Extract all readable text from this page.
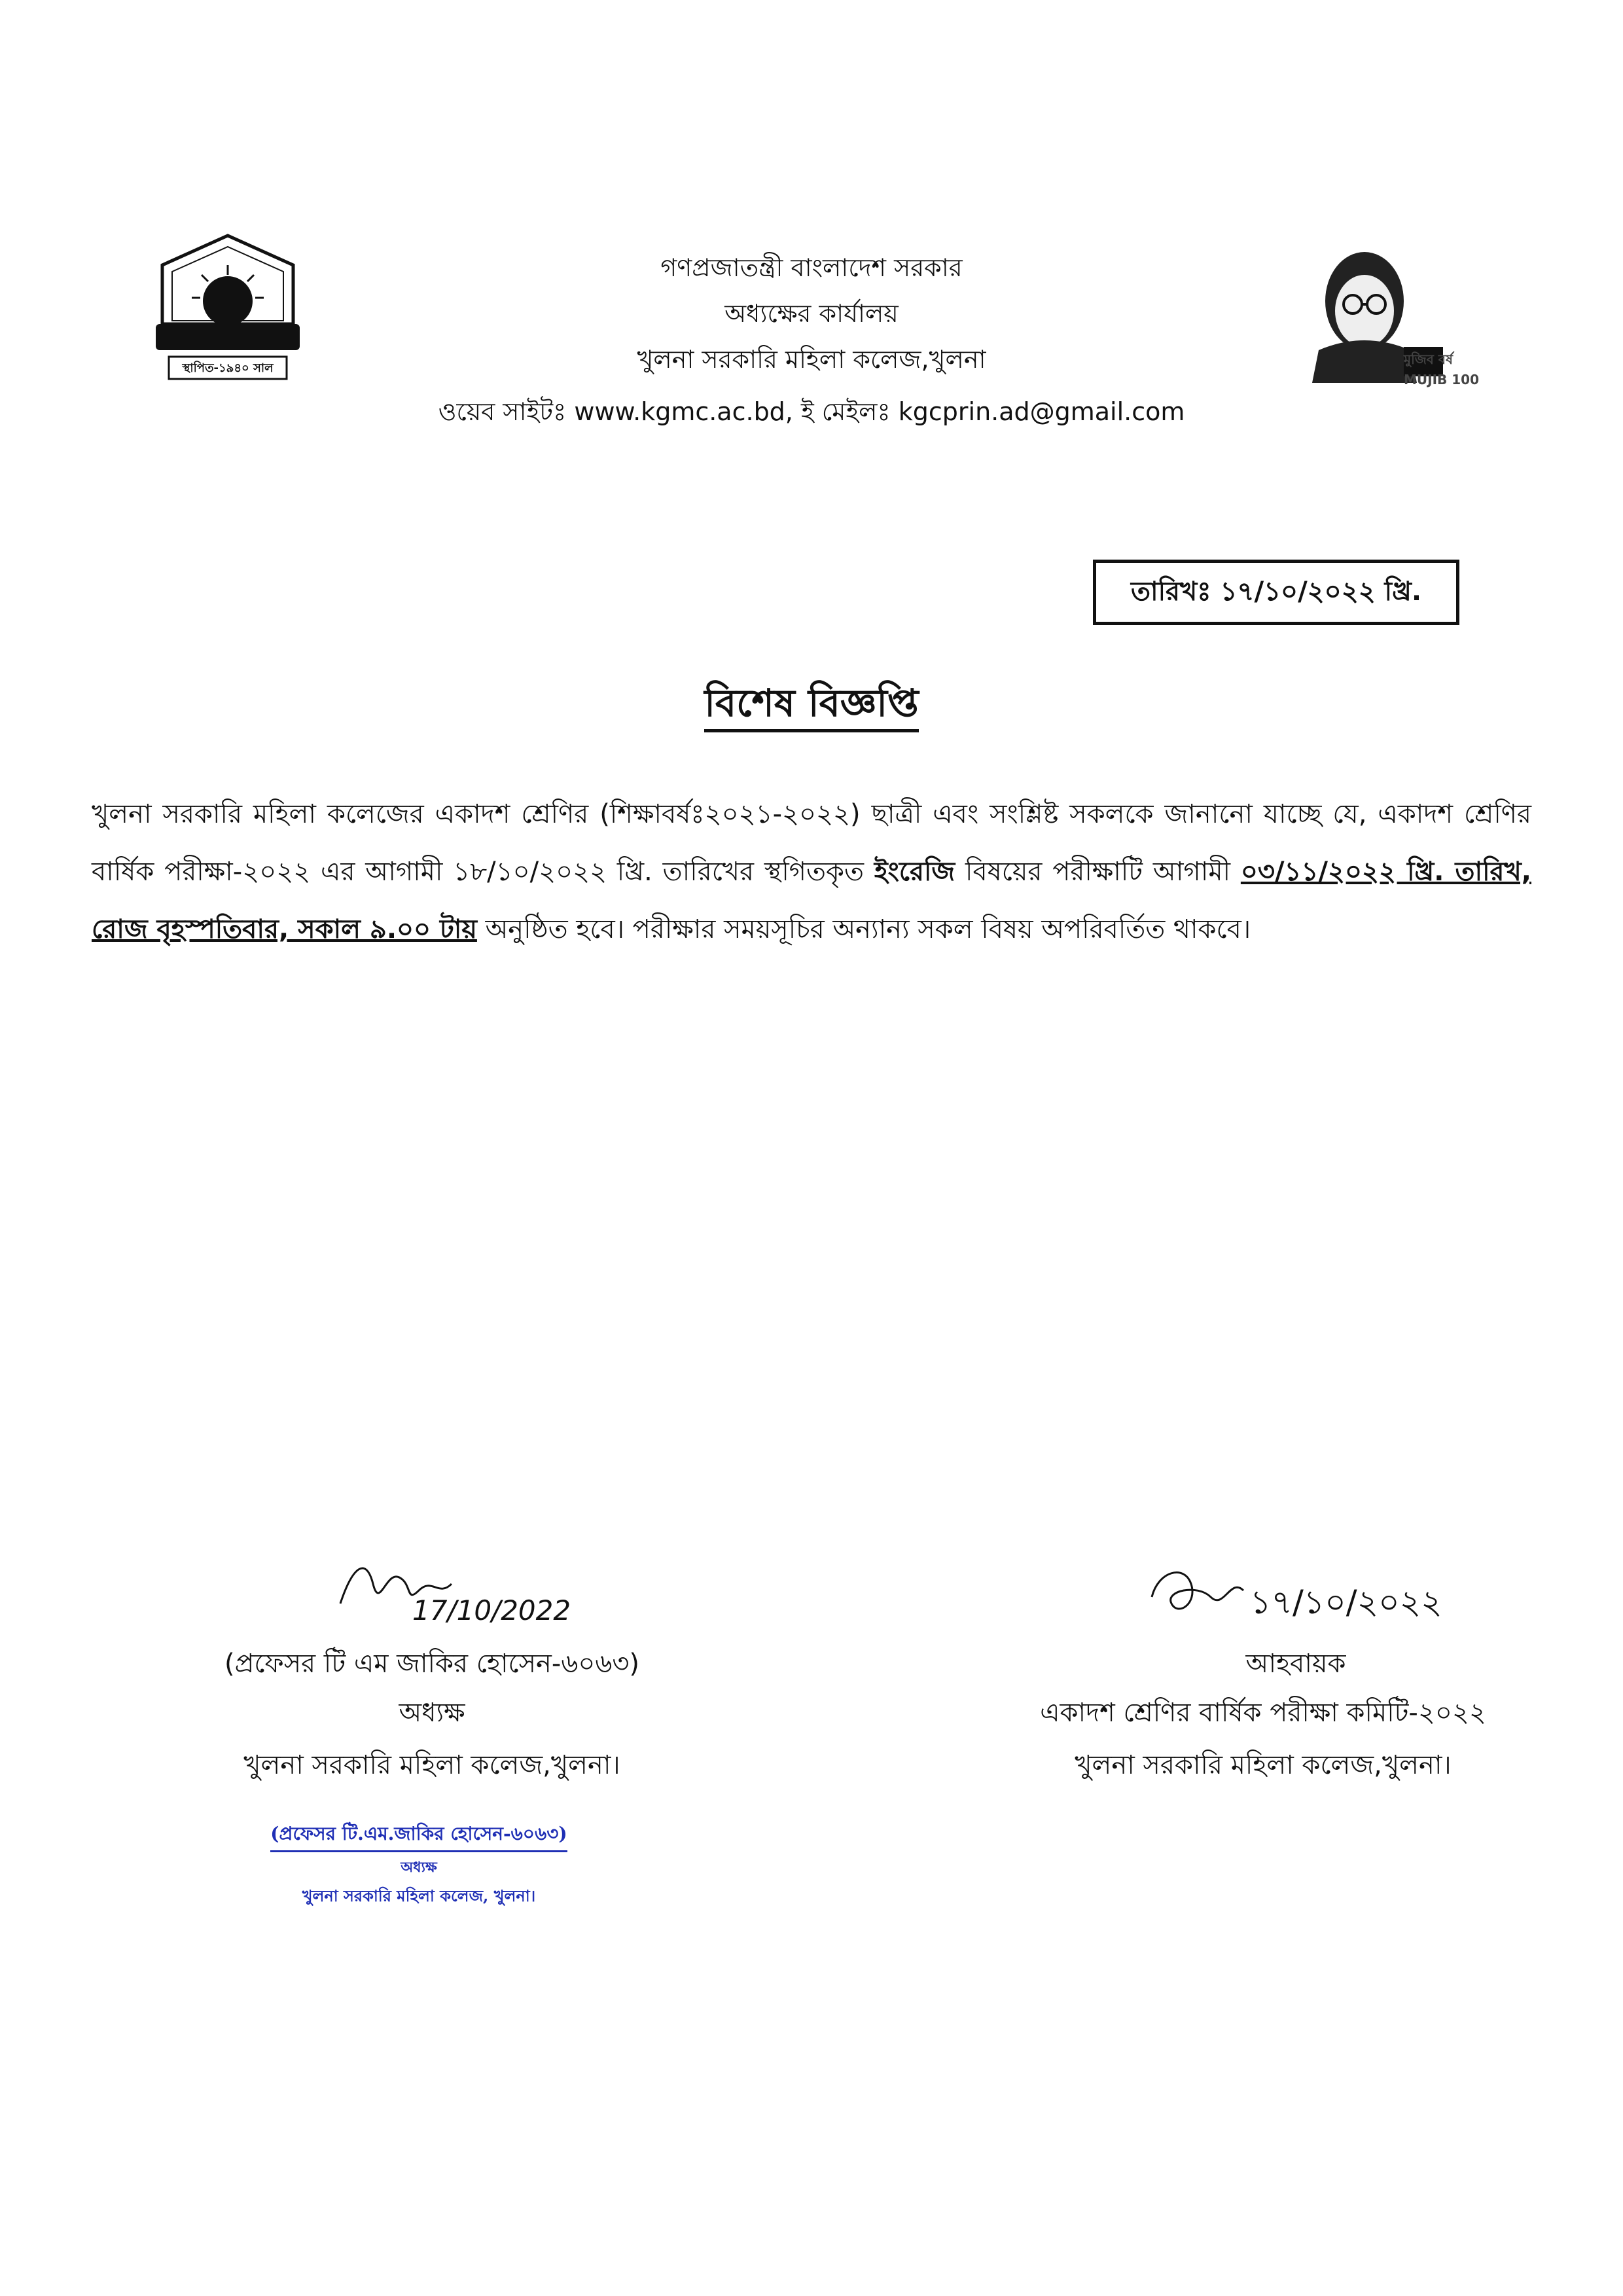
স্থাপিত-১৯৪০ সাল
গণপ্রজাতন্ত্রী বাংলাদেশ সরকার
অধ্যক্ষের কার্যালয়
খুলনা সরকারি মহিলা কলেজ,খুলনা
ওয়েব সাইটঃ www.kgmc.ac.bd, ই মেইলঃ kgcprin.ad@gmail.com
মুজিব বর্ষ MUJIB 100
তারিখঃ ১৭/১০/২০২২ খ্রি.
বিশেষ বিজ্ঞপ্তি
খুলনা সরকারি মহিলা কলেজের একাদশ শ্রেণির (শিক্ষাবর্ষঃ২০২১-২০২২) ছাত্রী এবং সংশ্লিষ্ট সকলকে জানানো যাচ্ছে যে, একাদশ শ্রেণির বার্ষিক পরীক্ষা-২০২২ এর আগামী ১৮/১০/২০২২ খ্রি. তারিখের স্থগিতকৃত ইংরেজি বিষয়ের পরীক্ষাটি আগামী ০৩/১১/২০২২ খ্রি. তারিখ, রোজ বৃহস্পতিবার, সকাল ৯.০০ টায় অনুষ্ঠিত হবে। পরীক্ষার সময়সূচির অন্যান্য সকল বিষয় অপরিবর্তিত থাকবে।
17/10/2022
(প্রফেসর টি এম জাকির হোসেন-৬০৬৩)
অধ্যক্ষ
খুলনা সরকারি মহিলা কলেজ,খুলনা।
(প্রফেসর টি.এম.জাকির হোসেন-৬০৬৩)
অধ্যক্ষ
খুলনা সরকারি মহিলা কলেজ, খুলনা।
১৭/১০/২০২২
আহবায়ক
একাদশ শ্রেণির বার্ষিক পরীক্ষা কমিটি-২০২২
খুলনা সরকারি মহিলা কলেজ,খুলনা।
